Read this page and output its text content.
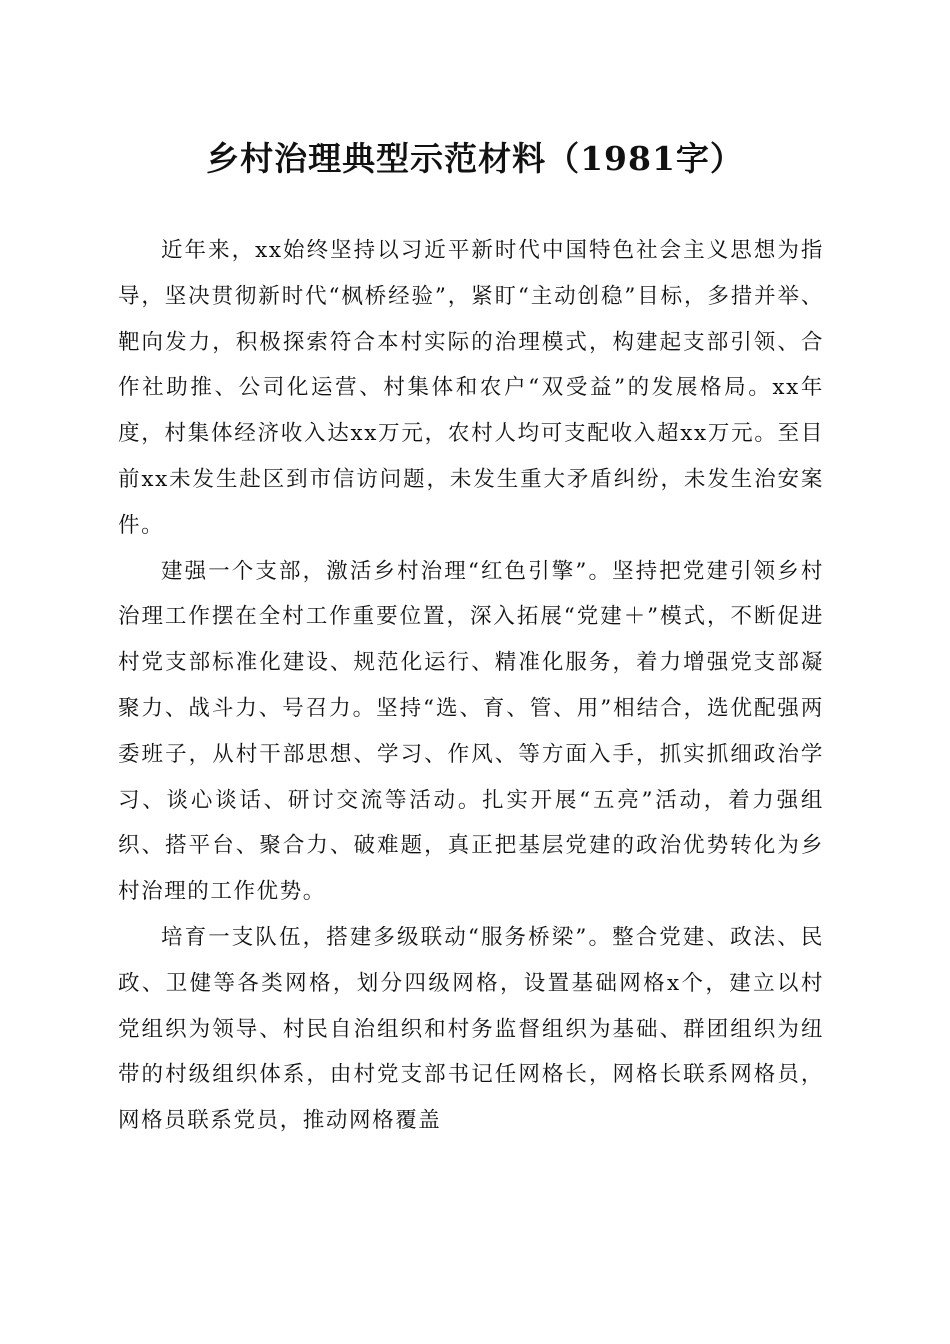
乡村治理典型示范材料（1981字）

近年来，xx始终坚持以习近平新时代中国特色社会主义思想为指导，坚决贯彻新时代“枫桥经验”，紧盯“主动创稳”目标，多措并举、靶向发力，积极探索符合本村实际的治理模式，构建起支部引领、合作社助推、公司化运营、村集体和农户“双受益”的发展格局。xx年度，村集体经济收入达xx万元，农村人均可支配收入超xx万元。至目前xx未发生赴区到市信访问题，未发生重大矛盾纠纷，未发生治安案件。

建强一个支部，激活乡村治理“红色引擎”。坚持把党建引领乡村治理工作摆在全村工作重要位置，深入拓展“党建＋”模式，不断促进村党支部标准化建设、规范化运行、精准化服务，着力增强党支部凝聚力、战斗力、号召力。坚持“选、育、管、用”相结合，选优配强两委班子，从村干部思想、学习、作风、等方面入手，抓实抓细政治学习、谈心谈话、研讨交流等活动。扎实开展“五亮”活动，着力强组织、搭平台、聚合力、破难题，真正把基层党建的政治优势转化为乡村治理的工作优势。

培育一支队伍，搭建多级联动“服务桥梁”。整合党建、政法、民政、卫健等各类网格，划分四级网格，设置基础网格x个，建立以村党组织为领导、村民自治组织和村务监督组织为基础、群团组织为纽带的村级组织体系，由村党支部书记任网格长，网格长联系网格员，网格员联系党员，推动网格覆盖
